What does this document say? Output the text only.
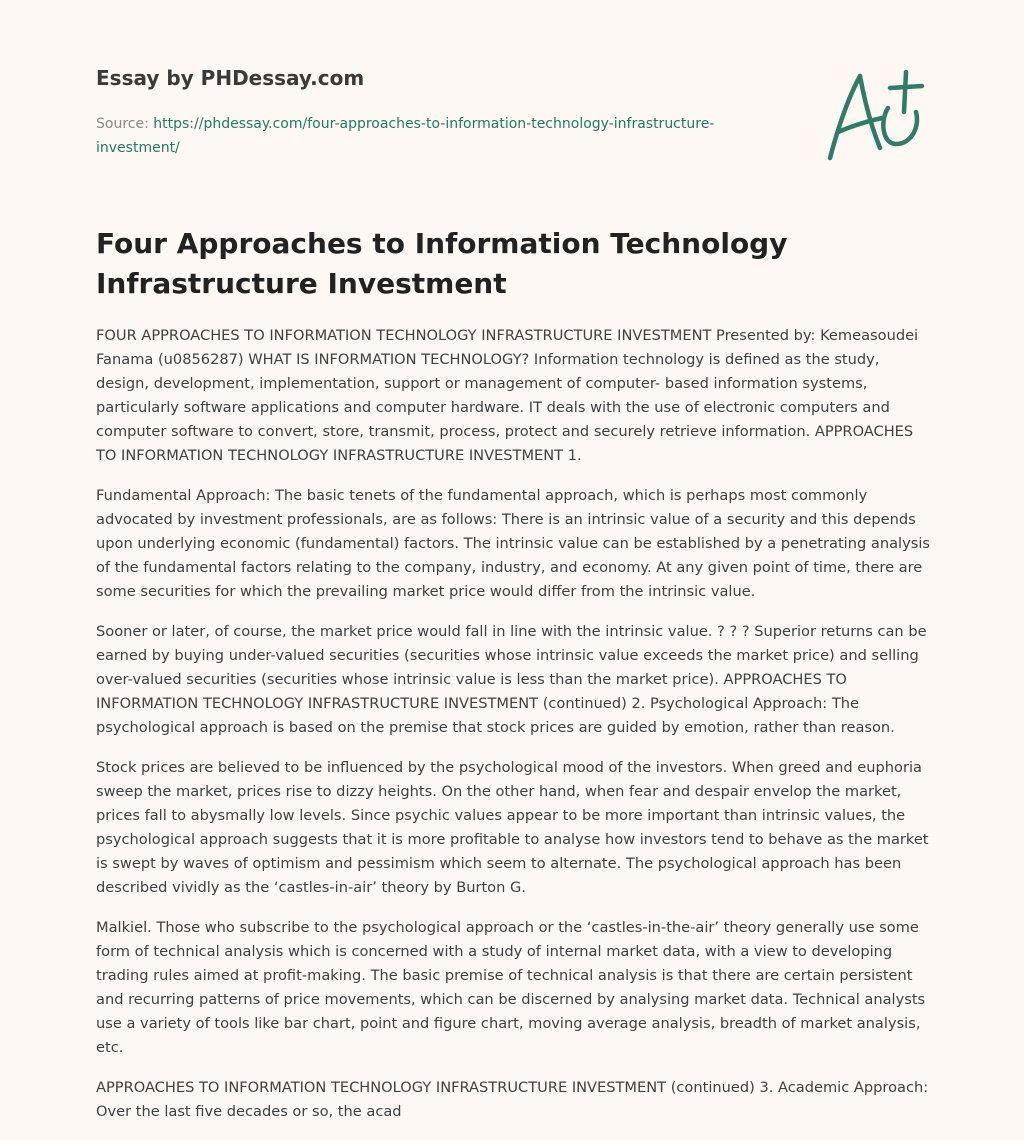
Essay by PHDessay.com
Source: https://phdessay.com/four-approaches-to-information-technology-infrastructure-investment/
Four Approaches to Information Technology Infrastructure Investment

FOUR APPROACHES TO INFORMATION TECHNOLOGY INFRASTRUCTURE INVESTMENT Presented by: Kemeasoudei Fanama (u0856287) WHAT IS INFORMATION TECHNOLOGY? Information technology is defined as the study, design, development, implementation, support or management of computer- based information systems, particularly software applications and computer hardware. IT deals with the use of electronic computers and computer software to convert, store, transmit, process, protect and securely retrieve information. APPROACHES TO INFORMATION TECHNOLOGY INFRASTRUCTURE INVESTMENT 1.

Fundamental Approach: The basic tenets of the fundamental approach, which is perhaps most commonly advocated by investment professionals, are as follows: There is an intrinsic value of a security and this depends upon underlying economic (fundamental) factors. The intrinsic value can be established by a penetrating analysis of the fundamental factors relating to the company, industry, and economy. At any given point of time, there are some securities for which the prevailing market price would differ from the intrinsic value.

Sooner or later, of course, the market price would fall in line with the intrinsic value. ? ? ? Superior returns can be earned by buying under-valued securities (securities whose intrinsic value exceeds the market price) and selling over-valued securities (securities whose intrinsic value is less than the market price). APPROACHES TO INFORMATION TECHNOLOGY INFRASTRUCTURE INVESTMENT (continued) 2. Psychological Approach: The psychological approach is based on the premise that stock prices are guided by emotion, rather than reason.

Stock prices are believed to be influenced by the psychological mood of the investors. When greed and euphoria sweep the market, prices rise to dizzy heights. On the other hand, when fear and despair envelop the market, prices fall to abysmally low levels. Since psychic values appear to be more important than intrinsic values, the psychological approach suggests that it is more profitable to analyse how investors tend to behave as the market is swept by waves of optimism and pessimism which seem to alternate. The psychological approach has been described vividly as the ‘castles-in-air’ theory by Burton G.

Malkiel. Those who subscribe to the psychological approach or the ‘castles-in-the-air’ theory generally use some form of technical analysis which is concerned with a study of internal market data, with a view to developing trading rules aimed at profit-making. The basic premise of technical analysis is that there are certain persistent and recurring patterns of price movements, which can be discerned by analysing market data. Technical analysts use a variety of tools like bar chart, point and figure chart, moving average analysis, breadth of market analysis, etc.

APPROACHES TO INFORMATION TECHNOLOGY INFRASTRUCTURE INVESTMENT (continued) 3. Academic Approach: Over the last five decades or so, the acad
